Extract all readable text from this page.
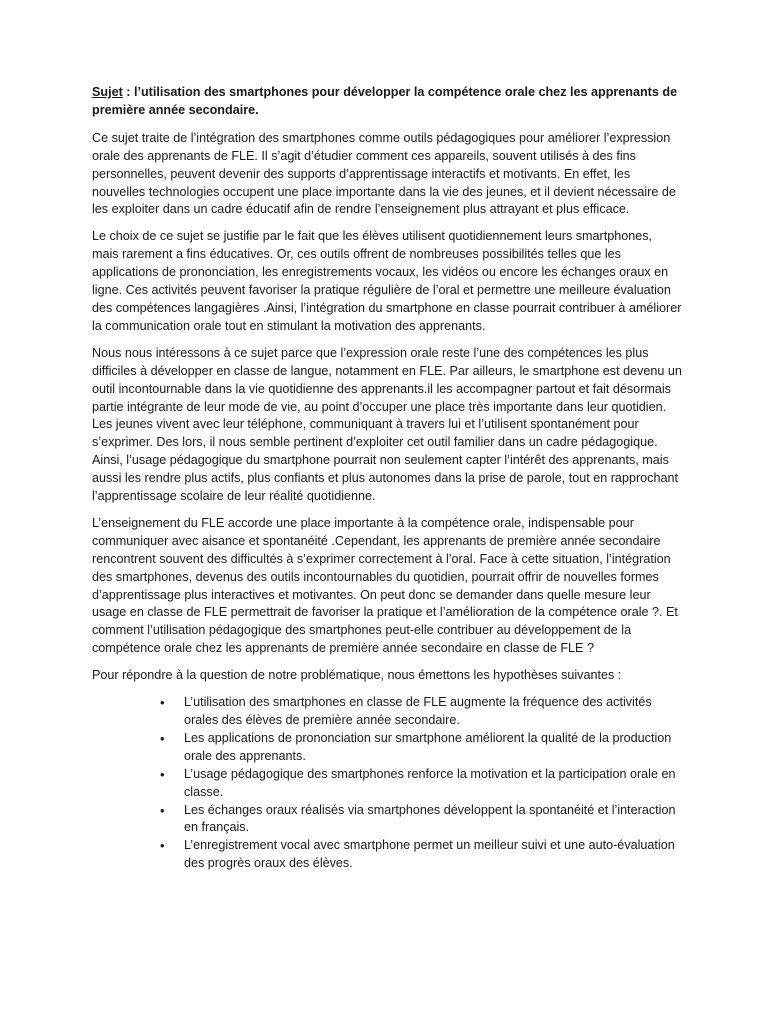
Sujet : l’utilisation des smartphones pour développer la compétence orale chez les apprenants de première année secondaire.

Ce sujet traite de l’intégration des smartphones comme outils pédagogiques pour améliorer l’expression orale des apprenants de FLE. Il s’agit d’étudier comment ces appareils, souvent utilisés à des fins personnelles, peuvent devenir des supports d’apprentissage interactifs et motivants. En effet, les nouvelles technologies occupent une place importante dans la vie des jeunes, et il devient nécessaire de les exploiter dans un cadre éducatif afin de rendre l’enseignement plus attrayant et plus efficace.

Le choix de ce sujet se justifie par le fait que les élèves utilisent quotidiennement leurs smartphones, mais rarement a fins éducatives. Or, ces outils offrent de nombreuses possibilités telles que les applications de prononciation, les enregistrements vocaux, les vidéos ou encore les échanges oraux en ligne. Ces activités peuvent favoriser la pratique régulière de l’oral et permettre une meilleure évaluation des compétences langagières .Ainsi, l’intégration du smartphone en classe pourrait contribuer à améliorer la communication orale tout en stimulant la motivation des apprenants.

Nous nous intéressons à ce sujet parce que l’expression orale reste l’une des compétences les plus difficiles à développer en classe de langue, notamment en FLE. Par ailleurs, le smartphone est devenu un outil incontournable dans la vie quotidienne des apprenants.il les accompagner partout et fait désormais partie intégrante de leur mode de vie, au point d’occuper une place très importante dans leur quotidien. Les jeunes vivent avec leur téléphone, communiquant à travers lui et l’utilisent spontanément pour s’exprimer. Des lors, il nous semble pertinent d’exploiter cet outil familier dans un cadre pédagogique. Ainsi, l’usage pédagogique du smartphone pourrait non seulement capter l’intérêt des apprenants, mais aussi les rendre plus actifs, plus confiants et plus autonomes dans la prise de parole, tout en rapprochant l’apprentissage scolaire de leur réalité quotidienne.

L’enseignement du FLE accorde une place importante à la compétence orale, indispensable pour communiquer avec aisance et spontanéité .Cependant, les apprenants de première année secondaire rencontrent souvent des difficultés à s’exprimer correctement à l’oral. Face à cette situation, l’intégration des smartphones, devenus des outils incontournables du quotidien, pourrait offrir de nouvelles formes d’apprentissage plus interactives et motivantes. On peut donc se demander dans quelle mesure leur usage en classe de FLE permettrait de favoriser la pratique et l’amélioration de la compétence orale ?. Et comment l’utilisation pédagogique des smartphones peut-elle contribuer au développement de la compétence orale chez les apprenants de première année secondaire en classe de FLE ?

Pour répondre à la question de notre problématique, nous émettons les hypothèses suivantes :

• L’utilisation des smartphones en classe de FLE augmente la fréquence des activités orales des élèves de première année secondaire.
• Les applications de prononciation sur smartphone améliorent la qualité de la production orale des apprenants.
• L’usage pédagogique des smartphones renforce la motivation et la participation orale en classe.
• Les échanges oraux réalisés via smartphones développent la spontanéité et l’interaction en français.
• L’enregistrement vocal avec smartphone permet un meilleur suivi et une auto-évaluation des progrès oraux des élèves.
